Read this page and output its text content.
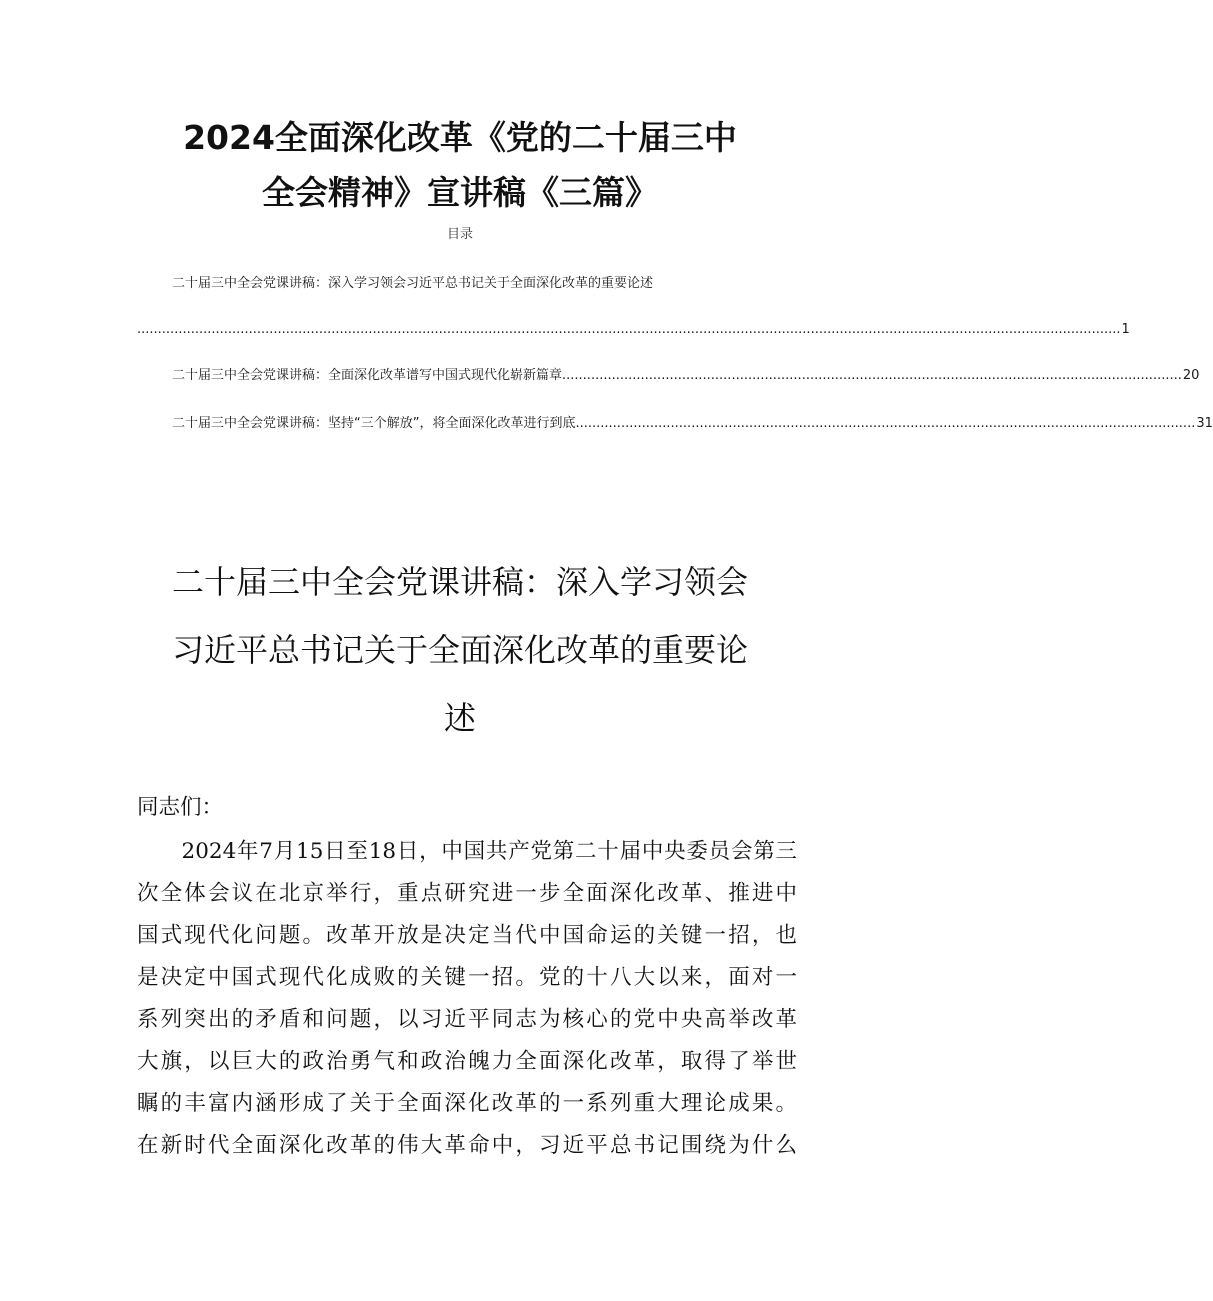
2024全面深化改革《党的二十届三中
全会精神》宣讲稿《三篇》
目录
二十届三中全会党课讲稿：深入学习领会习近平总书记关于全面深化改革的重要论述
.............................................................................................................................................................................................................................................. 1
二十届三中全会党课讲稿：全面深化改革谱写中国式现代化崭新篇章 ...................................................................................................................................................... 20
二十届三中全会党课讲稿：坚持“三个解放”，将全面深化改革进行到底 ...................................................................................................................................................... 31
二十届三中全会党课讲稿：深入学习领会
习近平总书记关于全面深化改革的重要论
述
同志们：
　　2024年7月15日至18日，中国共产党第二十届中央委员会第三
次全体会议在北京举行，重点研究进一步全面深化改革、推进中
国式现代化问题。改革开放是决定当代中国命运的关键一招，也
是决定中国式现代化成败的关键一招。党的十八大以来，面对一
系列突出的矛盾和问题，以习近平同志为核心的党中央高举改革
大旗，以巨大的政治勇气和政治魄力全面深化改革，取得了举世
瞩的丰富内涵形成了关于全面深化改革的一系列重大理论成果。
在新时代全面深化改革的伟大革命中，习近平总书记围绕为什么
